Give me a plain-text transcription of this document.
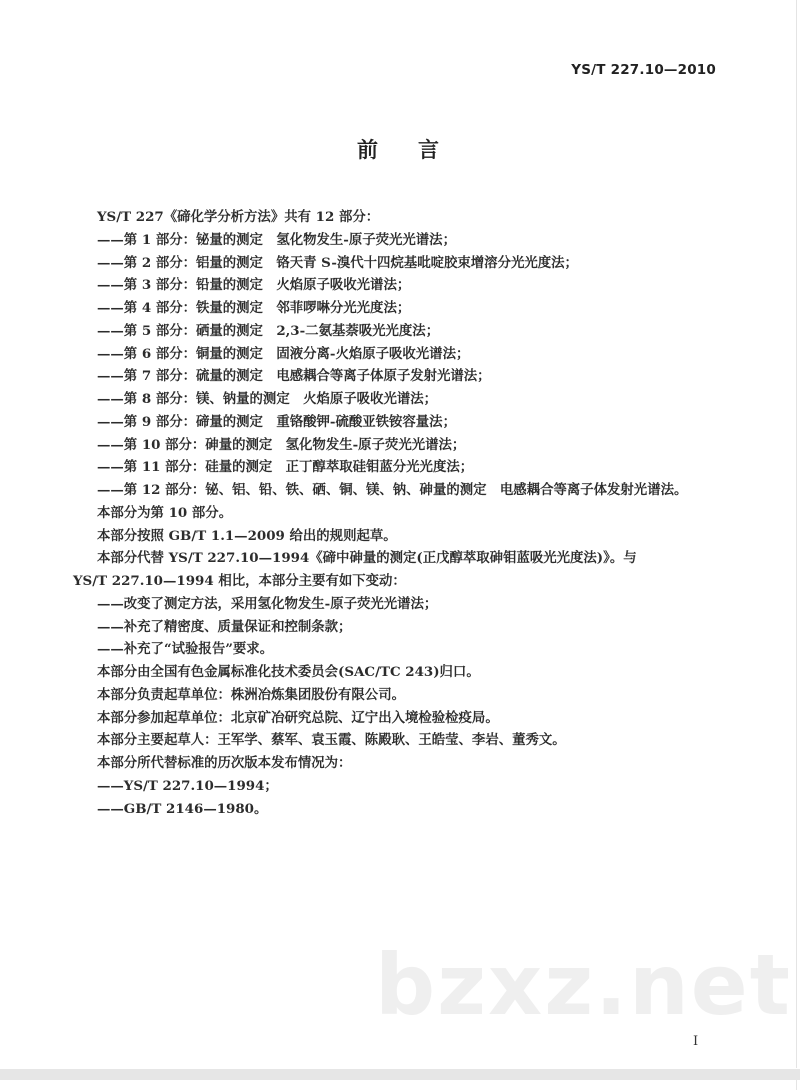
YS/T 227.10—2010
前 言
YS/T 227《碲化学分析方法》共有 12 部分：
——第 1 部分：铋量的测定　氢化物发生-原子荧光光谱法；
——第 2 部分：铝量的测定　铬天青 S-溴代十四烷基吡啶胶束增溶分光光度法；
——第 3 部分：铅量的测定　火焰原子吸收光谱法；
——第 4 部分：铁量的测定　邻菲啰啉分光光度法；
——第 5 部分：硒量的测定　2,3-二氨基萘吸光光度法；
——第 6 部分：铜量的测定　固液分离-火焰原子吸收光谱法；
——第 7 部分：硫量的测定　电感耦合等离子体原子发射光谱法；
——第 8 部分：镁、钠量的测定　火焰原子吸收光谱法；
——第 9 部分：碲量的测定　重铬酸钾-硫酸亚铁铵容量法；
——第 10 部分：砷量的测定　氢化物发生-原子荧光光谱法；
——第 11 部分：硅量的测定　正丁醇萃取硅钼蓝分光光度法；
——第 12 部分：铋、铝、铅、铁、硒、铜、镁、钠、砷量的测定　电感耦合等离子体发射光谱法。
本部分为第 10 部分。
本部分按照 GB/T 1.1—2009 给出的规则起草。
本部分代替 YS/T 227.10—1994《碲中砷量的测定(正戊醇萃取砷钼蓝吸光光度法)》。与
YS/T 227.10—1994 相比，本部分主要有如下变动：
——改变了测定方法，采用氢化物发生-原子荧光光谱法；
——补充了精密度、质量保证和控制条款；
——补充了“试验报告”要求。
本部分由全国有色金属标准化技术委员会(SAC/TC 243)归口。
本部分负责起草单位：株洲冶炼集团股份有限公司。
本部分参加起草单位：北京矿冶研究总院、辽宁出入境检验检疫局。
本部分主要起草人：王军学、蔡军、袁玉霞、陈殿耿、王皓莹、李岩、董秀文。
本部分所代替标准的历次版本发布情况为：
——YS/T 227.10—1994；
——GB/T 2146—1980。
bzxz.net
I
